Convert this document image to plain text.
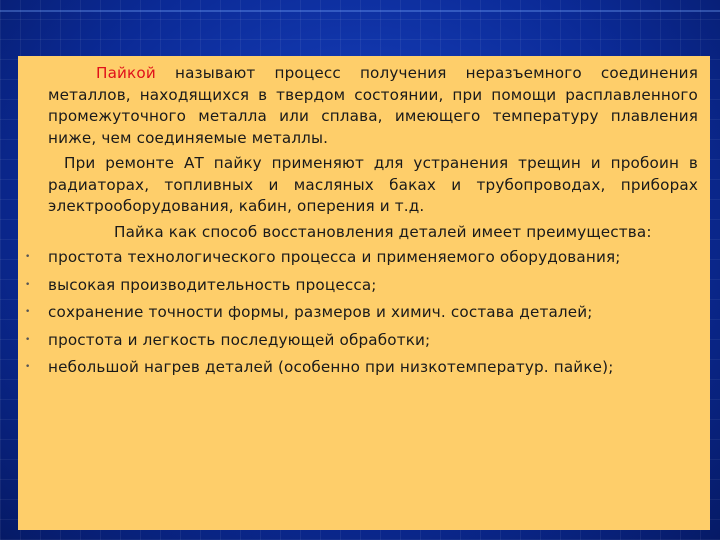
Пайкой называют процесс получения неразъемного соединения металлов, находящихся в твердом состоянии, при помощи расплавленного промежуточного металла или сплава, имеющего температуру плавления ниже, чем соединяемые металлы.

При ремонте АТ пайку применяют для устранения трещин и пробоин в радиаторах, топливных и масляных баках и трубопроводах, приборах электрооборудования, кабин, оперения и т.д.

Пайка как способ восстановления деталей имеет преимущества:

• простота технологического процесса и применяемого оборудования;
• высокая производительность процесса;
• сохранение точности формы, размеров и химич. состава деталей;
• простота и легкость последующей обработки;
• небольшой нагрев деталей (особенно при низкотемператур. пайке);
